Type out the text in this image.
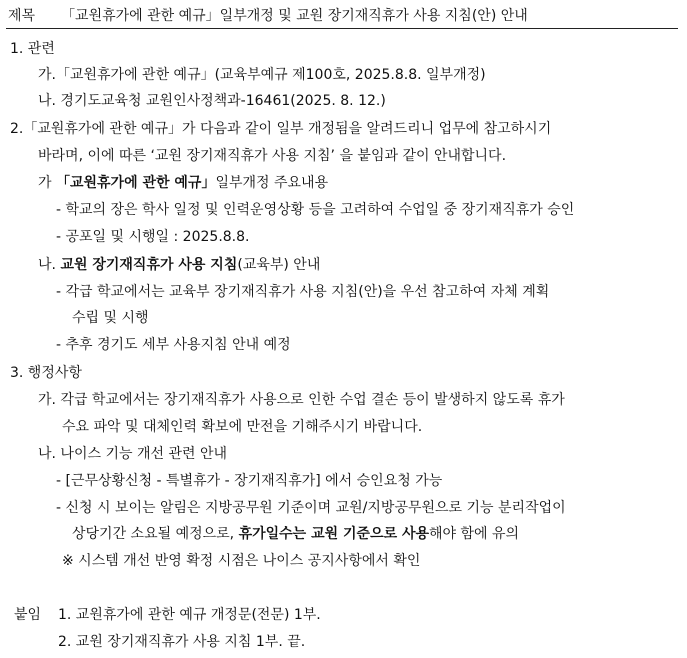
제목 「교원휴가에 관한 예규」일부개정 및 교원 장기재직휴가 사용 지침(안) 안내
1. 관련
가.「교원휴가에 관한 예규」(교육부예규 제100호, 2025.8.8. 일부개정)
나. 경기도교육청 교원인사정책과-16461(2025. 8. 12.)
2.「교원휴가에 관한 예규」가 다음과 같이 일부 개정됨을 알려드리니 업무에 참고하시기
바라며, 이에 따른 ‘교원 장기재직휴가 사용 지침’ 을 붙임과 같이 안내합니다.
가 「교원휴가에 관한 예규」일부개정 주요내용
- 학교의 장은 학사 일정 및 인력운영상황 등을 고려하여 수업일 중 장기재직휴가 승인
- 공포일 및 시행일 : 2025.8.8.
나. 교원 장기재직휴가 사용 지침(교육부) 안내
- 각급 학교에서는 교육부 장기재직휴가 사용 지침(안)을 우선 참고하여 자체 계획
수립 및 시행
- 추후 경기도 세부 사용지침 안내 예정
3. 행정사항
가. 각급 학교에서는 장기재직휴가 사용으로 인한 수업 결손 등이 발생하지 않도록 휴가
수요 파악 및 대체인력 확보에 만전을 기해주시기 바랍니다.
나. 나이스 기능 개선 관련 안내
- [근무상황신청 - 특별휴가 - 장기재직휴가] 에서 승인요청 가능
- 신청 시 보이는 알림은 지방공무원 기준이며 교원/지방공무원으로 기능 분리작업이
상당기간 소요될 예정으로, 휴가일수는 교원 기준으로 사용해야 함에 유의
※ 시스템 개선 반영 확정 시점은 나이스 공지사항에서 확인
붙임 1. 교원휴가에 관한 예규 개정문(전문) 1부.
2. 교원 장기재직휴가 사용 지침 1부. 끝.
